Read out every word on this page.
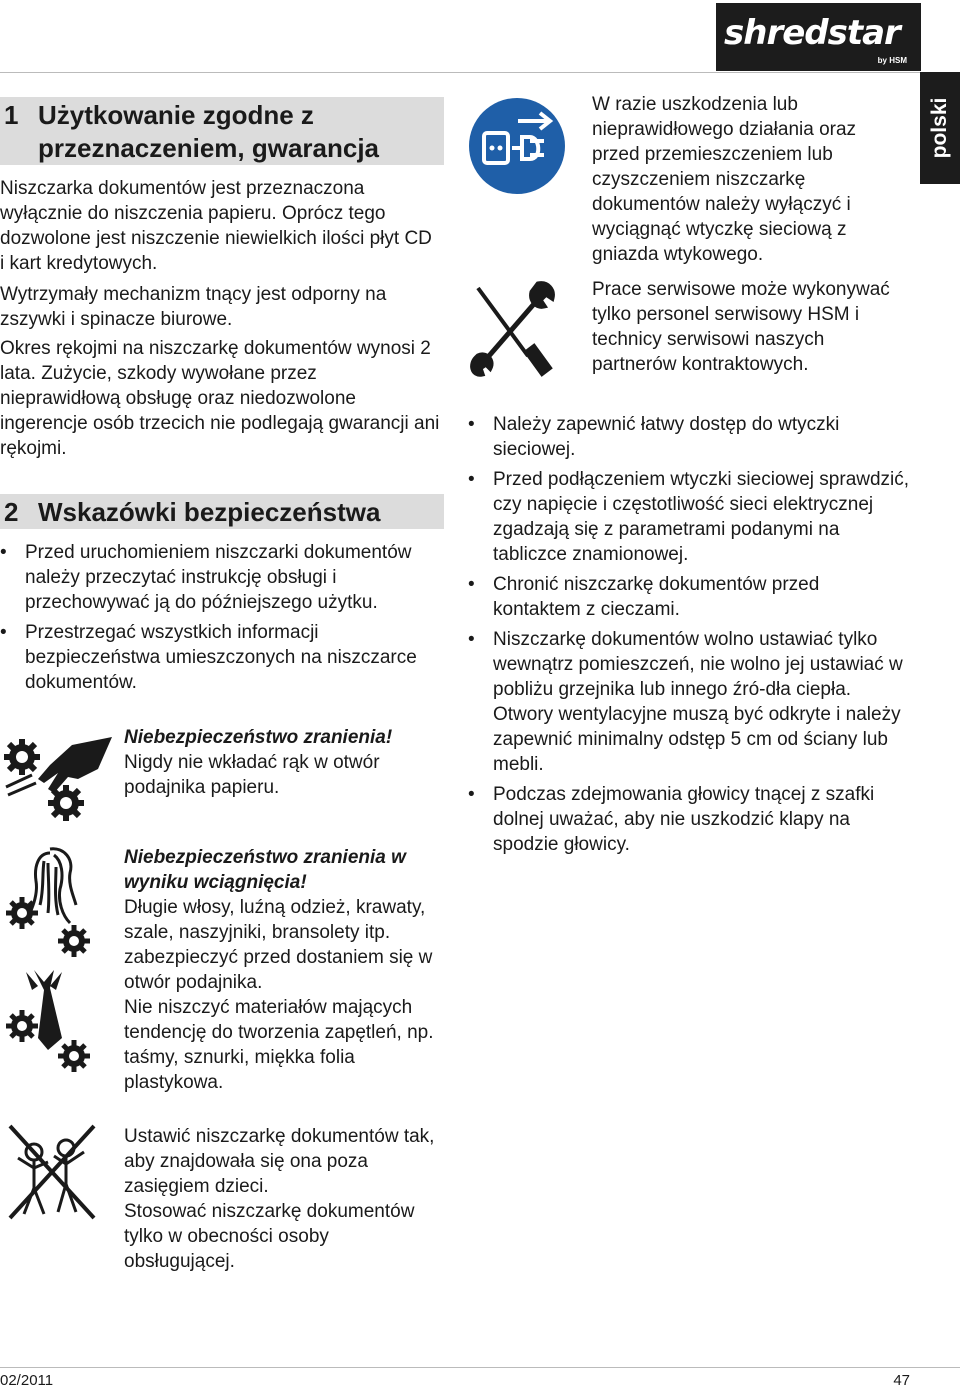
shredstar
by HSM
polski
1 Użytkowanie zgodne z przeznaczeniem, gwarancja

Niszczarka dokumentów jest przeznaczona wyłącznie do niszczenia papieru. Oprócz tego dozwolone jest niszczenie niewielkich ilości płyt CD i kart kredytowych.

Wytrzymały mechanizm tnący jest odporny na zszywki i spinacze biurowe.

Okres rękojmi na niszczarkę dokumentów wynosi 2 lata. Zużycie, szkody wywołane przez nieprawidłową obsługę oraz niedozwolone ingerencje osób trzecich nie podlegają gwarancji ani rękojmi.

2 Wskazówki bezpieczeństwa
• Przed uruchomieniem niszczarki dokumentów należy przeczytać instrukcję obsługi i przechowywać ją do późniejszego użytku.
• Przestrzegać wszystkich informacji bezpieczeństwa umieszczonych na niszczarce dokumentów.
Niebezpieczeństwo zranienia!
Nigdy nie wkładać rąk w otwór podajnika papieru.
Niebezpieczeństwo zranienia w wyniku wciągnięcia!
Długie włosy, luźną odzież, krawaty, szale, naszyjniki, bransolety itp. zabezpieczyć przed dostaniem się w otwór podajnika.
Nie niszczyć materiałów mających tendencję do tworzenia zapętleń, np. taśmy, sznurki, miękka folia plastykowa.
Ustawić niszczarkę dokumentów tak, aby znajdowała się ona poza zasięgiem dzieci.
Stosować niszczarkę dokumentów tylko w obecności osoby obsługującej.
W razie uszkodzenia lub nieprawidłowego działania oraz przed przemieszczeniem lub czyszczeniem niszczarkę dokumentów należy wyłączyć i wyciągnąć wtyczkę sieciową z gniazda wtykowego.
Prace serwisowe może wykonywać tylko personel serwisowy HSM i technicy serwisowi naszych partnerów kontraktowych.
• Należy zapewnić łatwy dostęp do wtyczki sieciowej.
• Przed podłączeniem wtyczki sieciowej sprawdzić, czy napięcie i częstotliwość sieci elektrycznej zgadzają się z parametrami podanymi na tabliczce znamionowej.
• Chronić niszczarkę dokumentów przed kontaktem z cieczami.
• Niszczarkę dokumentów wolno ustawiać tylko wewnątrz pomieszczeń, nie wolno jej ustawiać w pobliżu grzejnika lub innego źró-dła ciepła. Otwory wentylacyjne muszą być odkryte i należy zapewnić minimalny odstęp 5 cm od ściany lub mebli.
• Podczas zdejmowania głowicy tnącej z szafki dolnej uważać, aby nie uszkodzić klapy na spodzie głowicy.
02/2011	47
